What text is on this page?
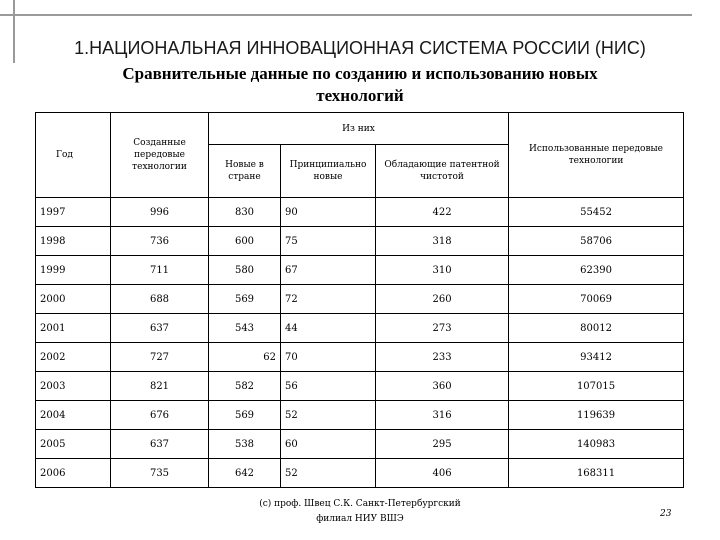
1.НАЦИОНАЛЬНАЯ ИННОВАЦИОННАЯ СИСТЕМА РОССИИ (НИС)
Сравнительные данные по созданию и использованию новых технологий
Год	Созданные передовые технологии	Из них			Использованные передовые технологии
		Новые в стране	Принципиально новые	Обладающие патентной чистотой	
1997	996	830	90	422	55452
1998	736	600	75	318	58706
1999	711	580	67	310	62390
2000	688	569	72	260	70069
2001	637	543	44	273	80012
2002	727	62	70	233	93412
2003	821	582	56	360	107015
2004	676	569	52	316	119639
2005	637	538	60	295	140983
2006	735	642	52	406	168311
(c) проф. Швец С.К. Санкт-Петербургский
филиал НИУ ВШЭ	23
